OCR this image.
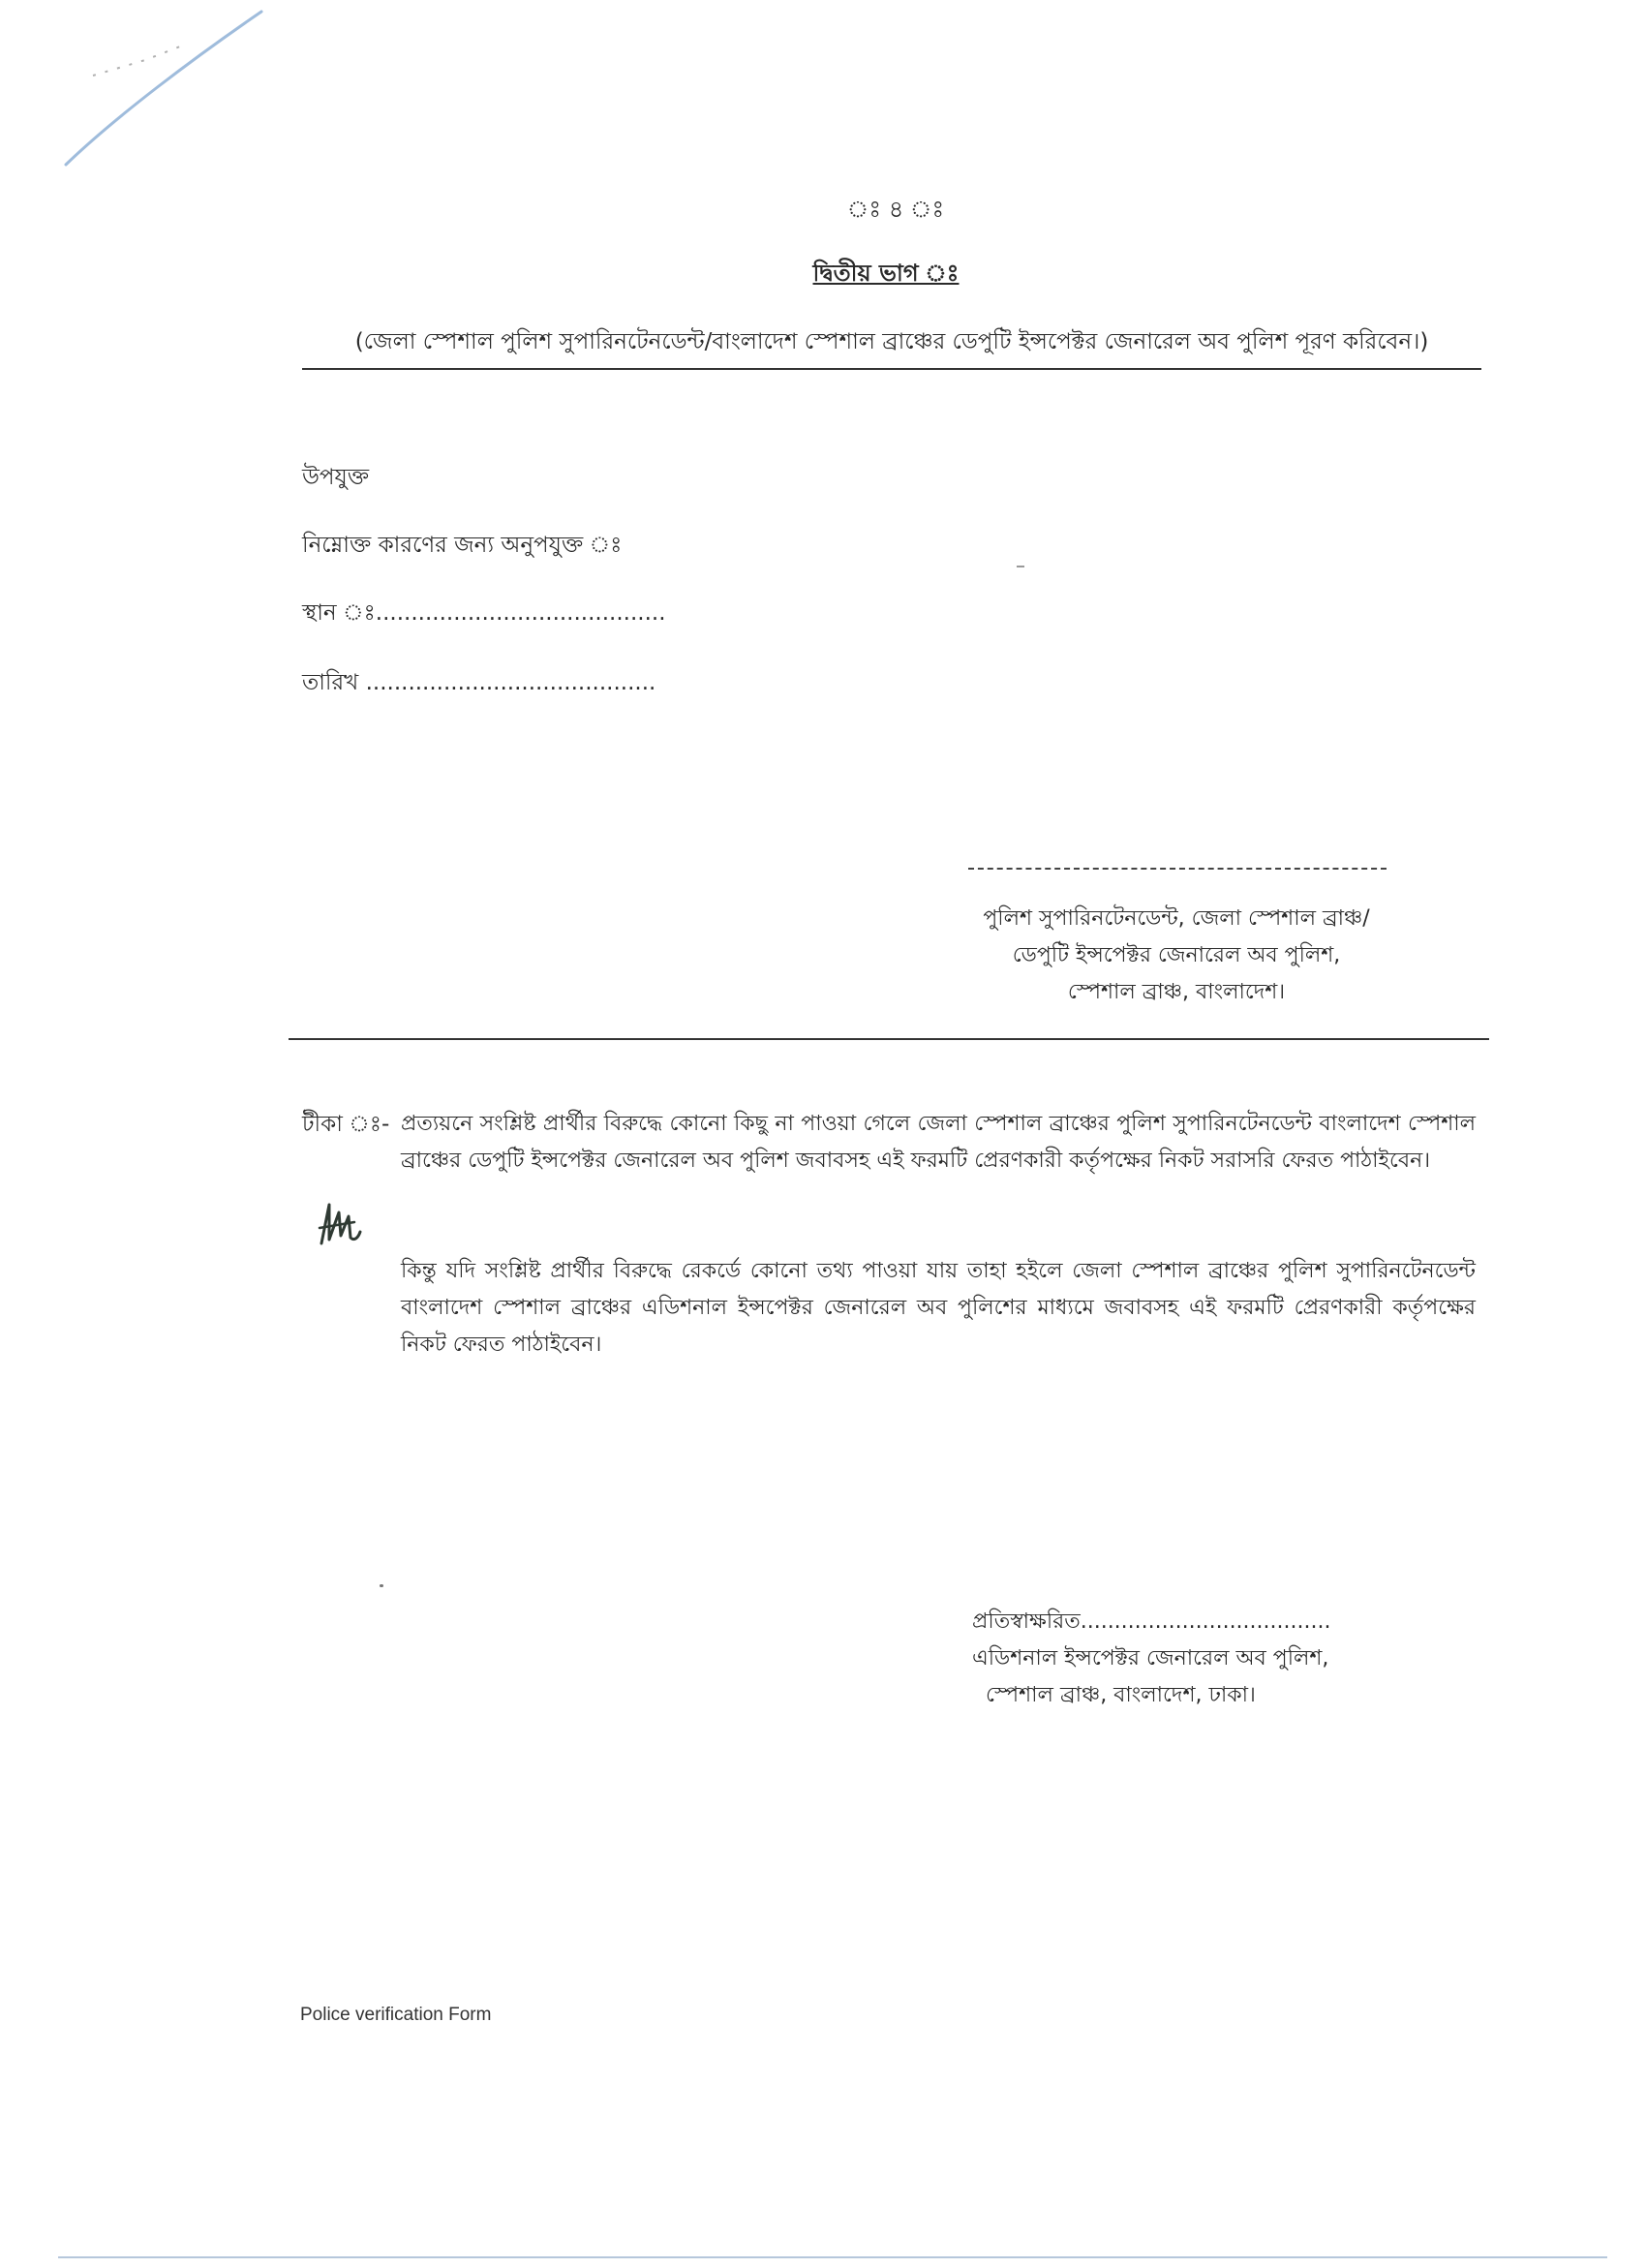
ঃ ৪ ঃ
দ্বিতীয় ভাগ ঃ
(জেলা স্পেশাল পুলিশ সুপারিনটেনডেন্ট/বাংলাদেশ স্পেশাল ব্রাঞ্চের ডেপুটি ইন্সপেক্টর জেনারেল অব পুলিশ পূরণ করিবেন।)
উপযুক্ত
নিম্নোক্ত কারণের জন্য অনুপযুক্ত ঃ
স্থান ঃ.........................................
তারিখ .........................................
পুলিশ সুপারিনটেনডেন্ট, জেলা স্পেশাল ব্রাঞ্চ/
ডেপুটি ইন্সপেক্টর জেনারেল অব পুলিশ,
স্পেশাল ব্রাঞ্চ, বাংলাদেশ।
টীকা ঃ- প্রত্যয়নে সংশ্লিষ্ট প্রার্থীর বিরুদ্ধে কোনো কিছু না পাওয়া গেলে জেলা স্পেশাল ব্রাঞ্চের পুলিশ সুপারিনটেনডেন্ট বাংলাদেশ স্পেশাল ব্রাঞ্চের ডেপুটি ইন্সপেক্টর জেনারেল অব পুলিশ জবাবসহ এই ফরমটি প্রেরণকারী কর্তৃপক্ষের নিকট সরাসরি ফেরত পাঠাইবেন।
কিন্তু যদি সংশ্লিষ্ট প্রার্থীর বিরুদ্ধে রেকর্ডে কোনো তথ্য পাওয়া যায় তাহা হইলে জেলা স্পেশাল ব্রাঞ্চের পুলিশ সুপারিনটেনডেন্ট বাংলাদেশ স্পেশাল ব্রাঞ্চের এডিশনাল ইন্সপেক্টর জেনারেল অব পুলিশের মাধ্যমে জবাবসহ এই ফরমটি প্রেরণকারী কর্তৃপক্ষের নিকট ফেরত পাঠাইবেন।
প্রতিস্বাক্ষরিত.....................................
এডিশনাল ইন্সপেক্টর জেনারেল অব পুলিশ,
স্পেশাল ব্রাঞ্চ, বাংলাদেশ, ঢাকা।
Police verification Form
